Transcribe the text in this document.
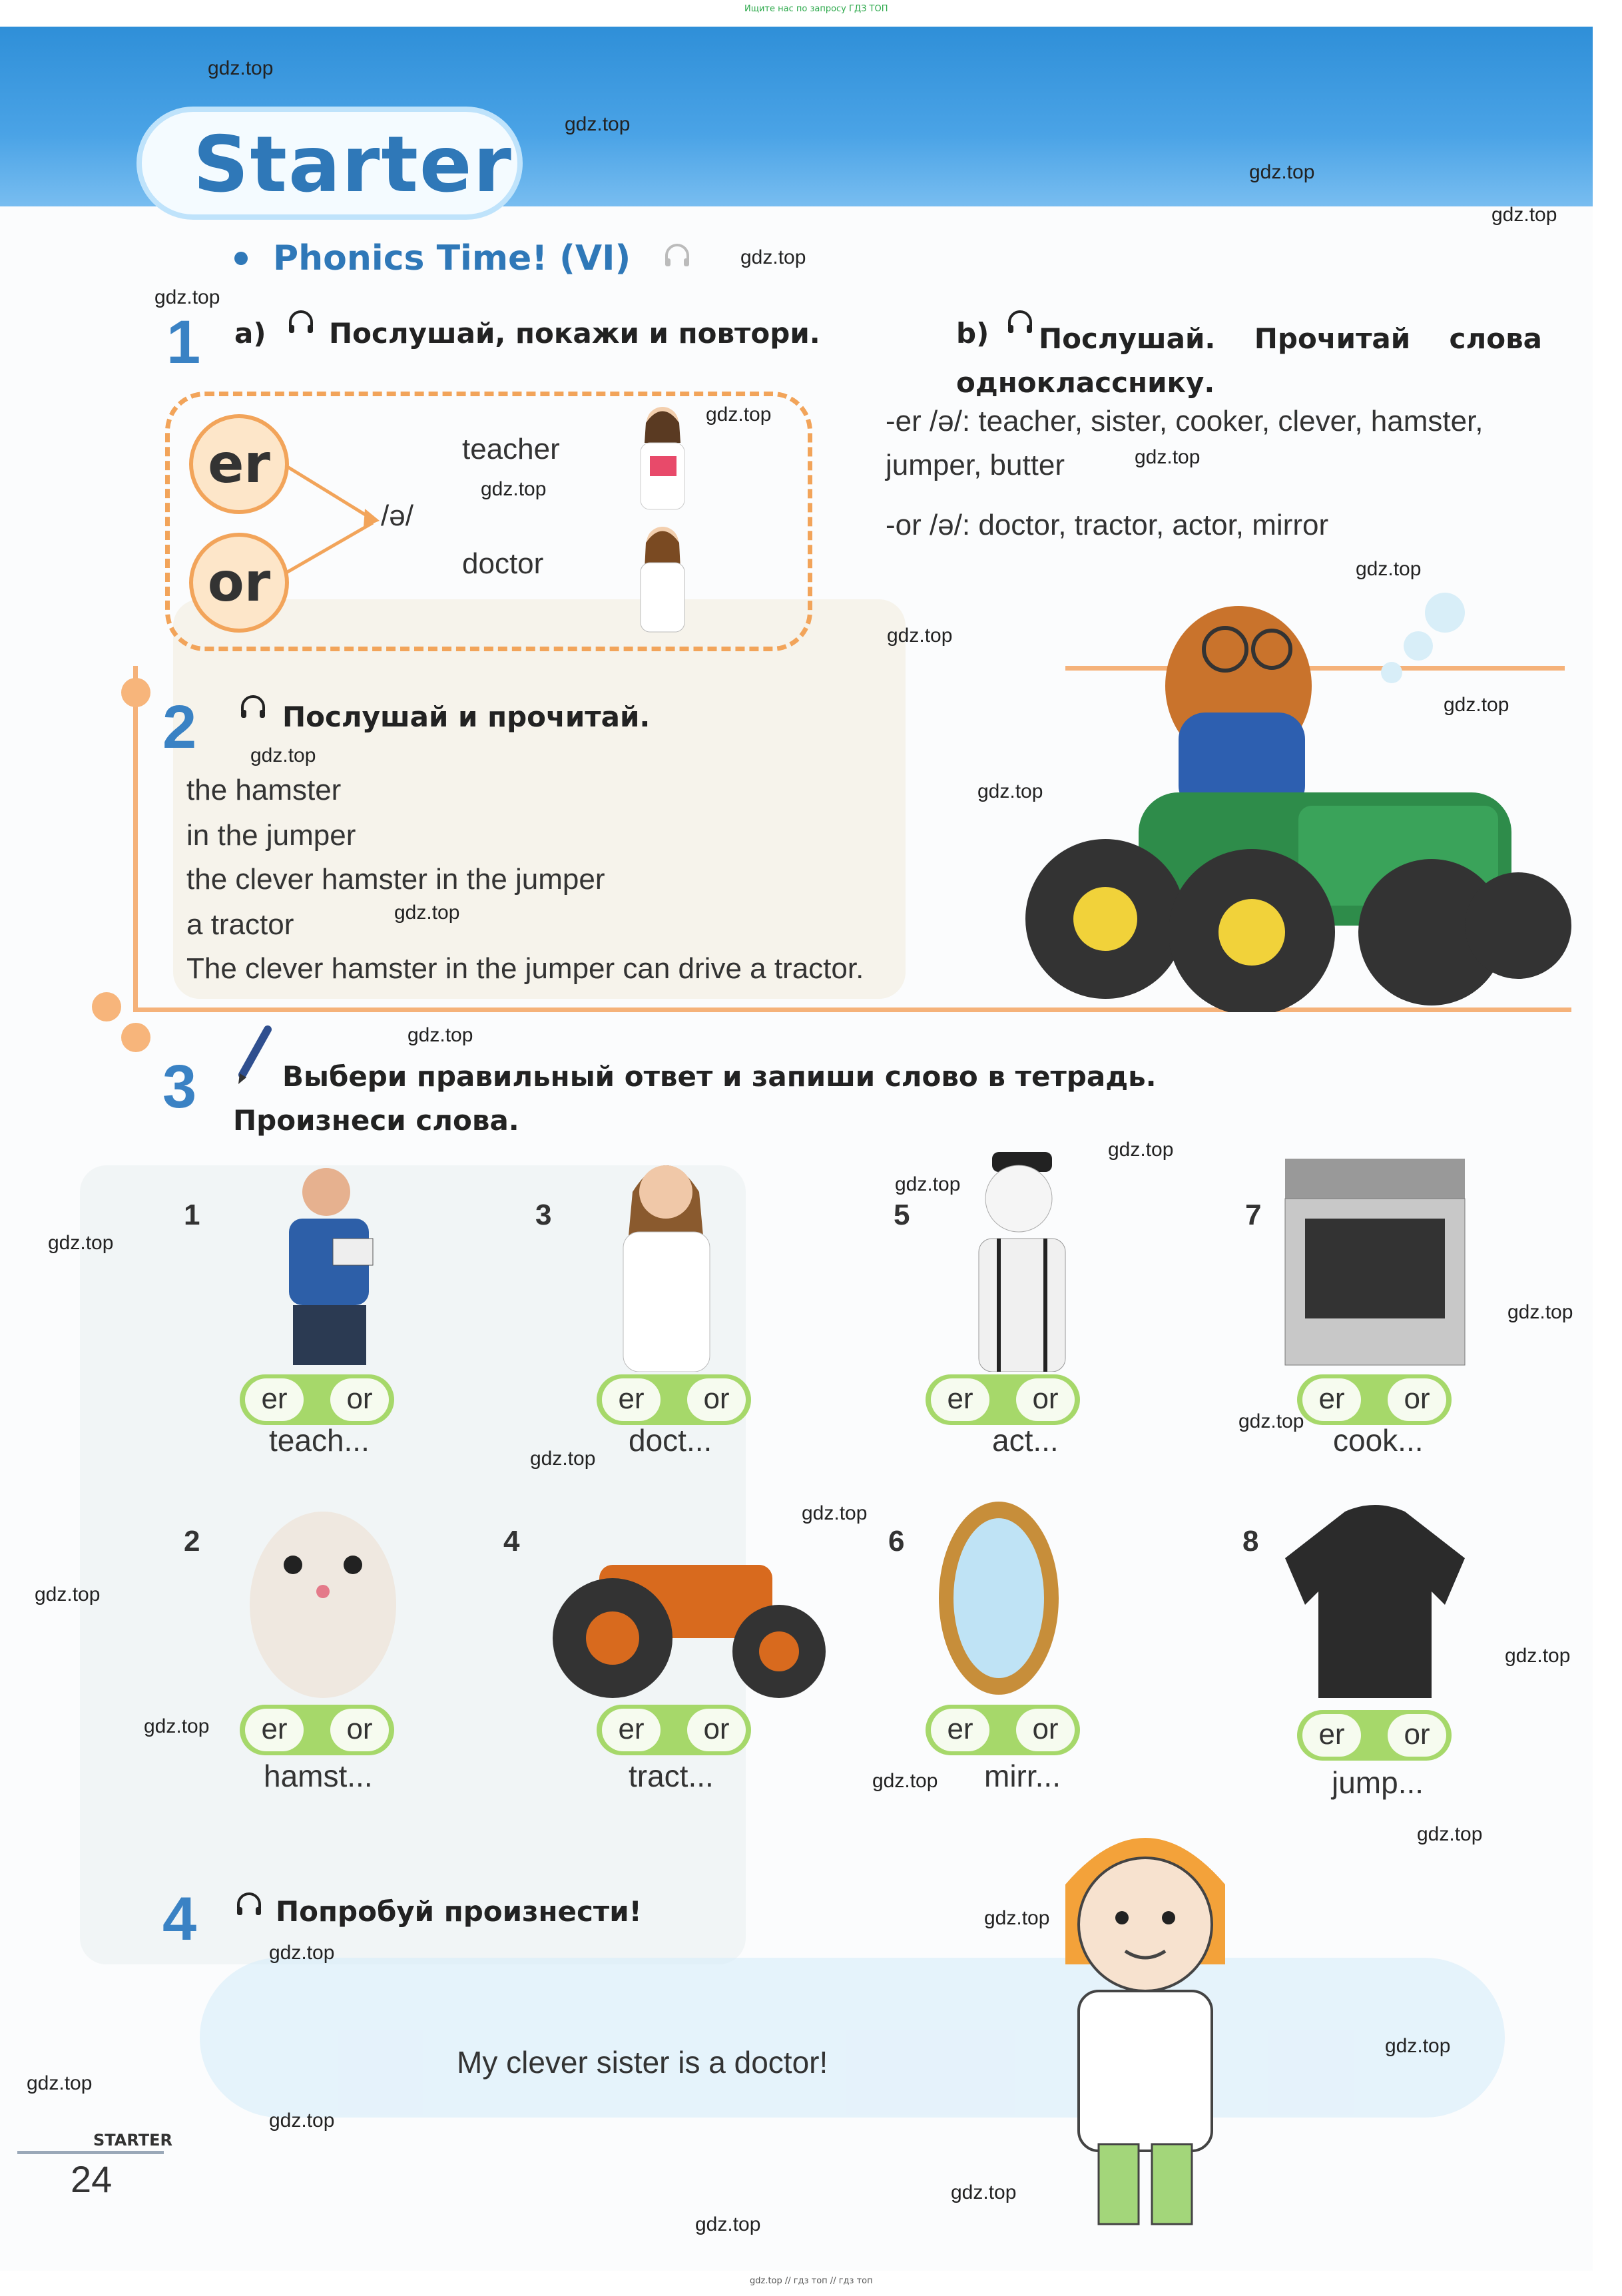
Ищите нас по запросу ГДЗ ТОП
Starter
Phonics Time! (VI)
1 a) Послушай, покажи и повтори.
er
or
/ə/
teacher
doctor
b)	Послушай. Прочитай слова однокласснику.
-er /ə/: teacher, sister, cooker, clever, hamster,
jumper, butter
-or /ə/: doctor, tractor, actor, mirror
2	Послушай и прочитай.
the hamster
in the jumper
the clever hamster in the jumper
a tractor
The clever hamster in the jumper can drive a tractor.
3	Выбери правильный ответ и запиши слово в тетрадь.
Произнеси слова.
1
er	or
teach...
3
er	or
doct...
5
er	or
act...
7
er	or
cook...
2
er	or
hamst...
4
er	or
tract...
6
er	or
mirr...
8
er	or
jump...
4	Попробуй произнести!
My clever sister is a doctor!
STARTER
24
gdz.top // гдз топ // гдз топ
gdz.top
gdz.top
gdz.top
gdz.top
gdz.top
gdz.top
gdz.top
gdz.top
gdz.top
gdz.top
gdz.top
gdz.top
gdz.top
gdz.top
gdz.top
gdz.top
gdz.top
gdz.top
gdz.top
gdz.top
gdz.top
gdz.top
gdz.top
gdz.top
gdz.top
gdz.top
gdz.top
gdz.top
gdz.top
gdz.top
gdz.top
gdz.top
gdz.top
gdz.top
gdz.top
